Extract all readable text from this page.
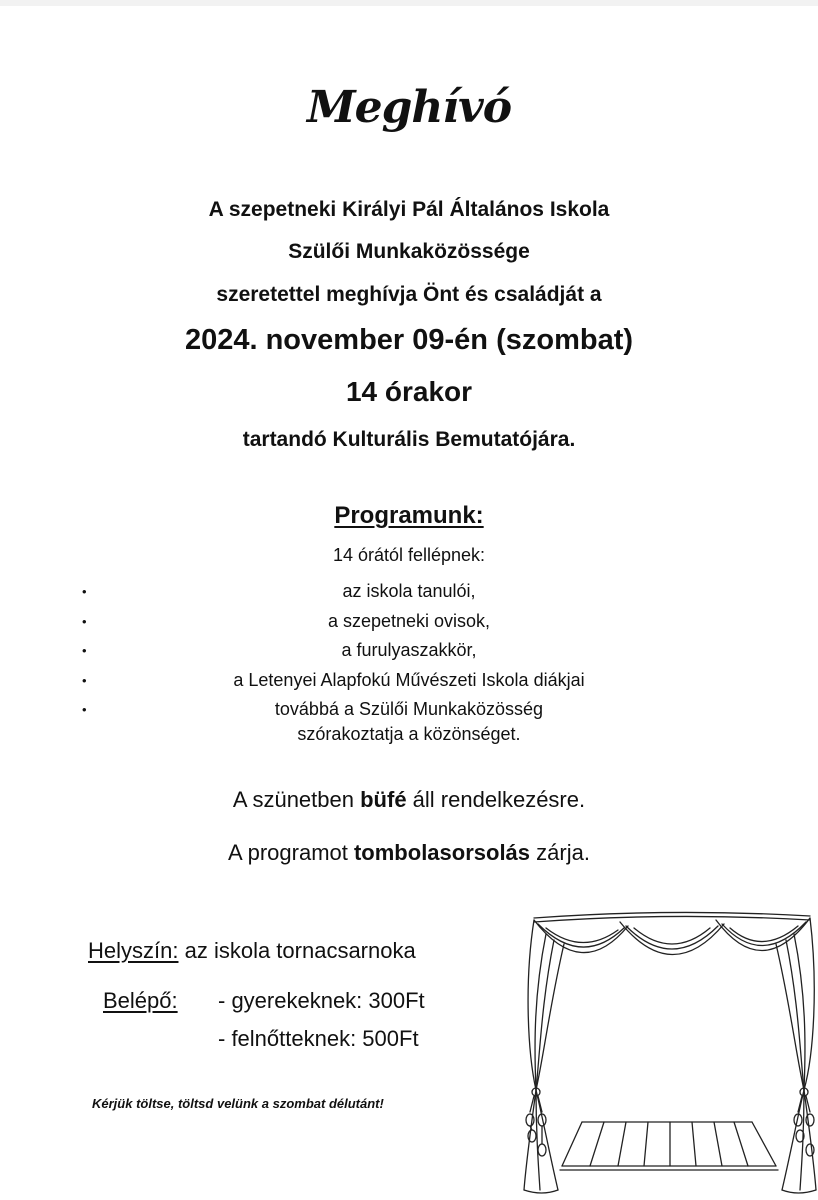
Meghívó
A szepetneki Királyi Pál Általános Iskola
Szülői Munkaközössége
szeretettel meghívja Önt és családját a
2024. november 09-én (szombat)
14 órakor
tartandó Kulturális Bemutatójára.
Programunk:
14 órától fellépnek:
•	az iskola tanulói,
•	a szepetneki ovisok,
•	a furulyaszakkör,
•	a Letenyei Alapfokú Művészeti Iskola diákjai
•	továbbá a Szülői Munkaközösség
szórakoztatja a közönséget.
A szünetben büfé áll rendelkezésre.
A programot tombolasorsolás zárja.
Helyszín: az iskola tornacsarnoka
Belépő: - gyerekeknek: 300Ft
- felnőtteknek: 500Ft
Kérjük töltse, töltsd velünk a szombat délutánt!
